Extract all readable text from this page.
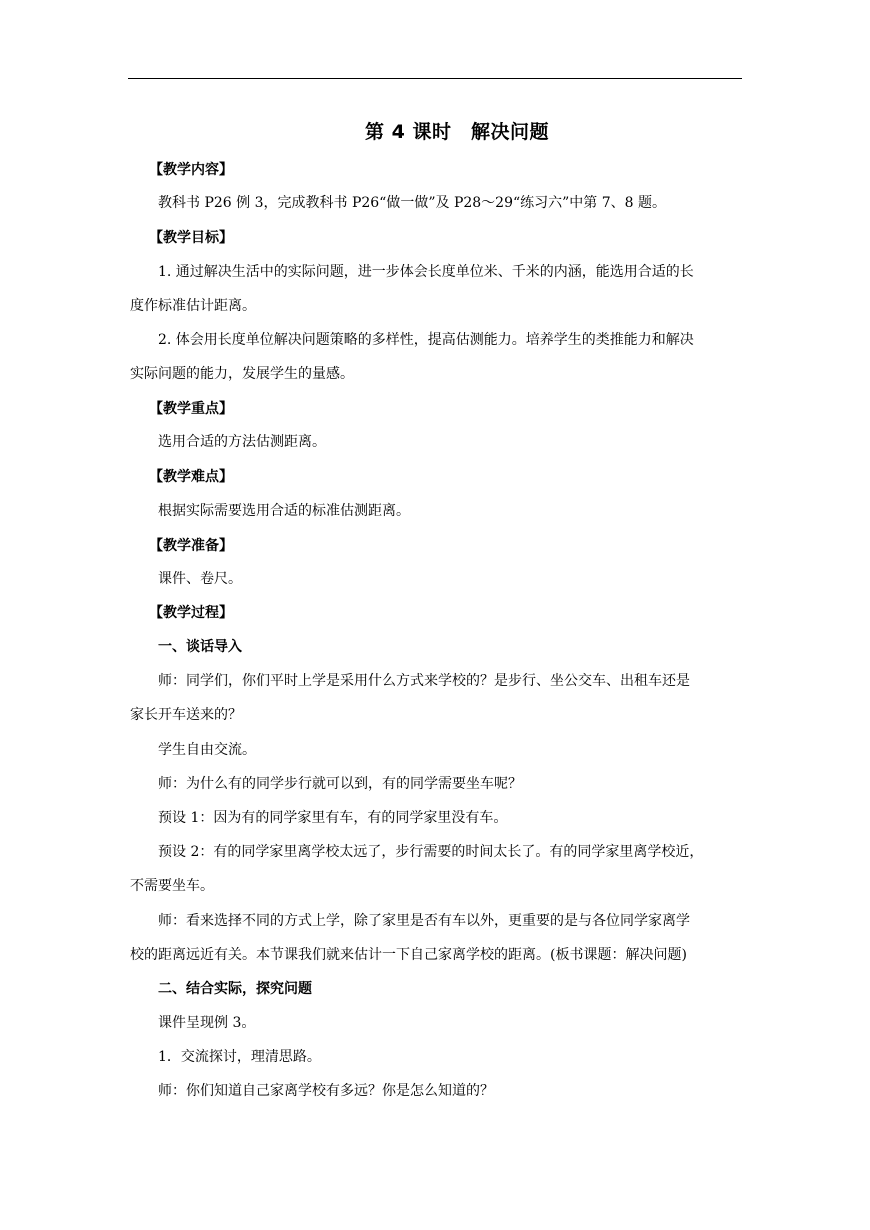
第 4 课时　解决问题
【教学内容】
教科书 P26 例 3，完成教科书 P26“做一做”及 P28～29“练习六”中第 7、8 题。
【教学目标】
1. 通过解决生活中的实际问题，进一步体会长度单位米、千米的内涵，能选用合适的长
度作标准估计距离。
2. 体会用长度单位解决问题策略的多样性，提高估测能力。培养学生的类推能力和解决
实际问题的能力，发展学生的量感。
【教学重点】
选用合适的方法估测距离。
【教学难点】
根据实际需要选用合适的标准估测距离。
【教学准备】
课件、卷尺。
【教学过程】
一、谈话导入
师：同学们，你们平时上学是采用什么方式来学校的？是步行、坐公交车、出租车还是
家长开车送来的？
学生自由交流。
师：为什么有的同学步行就可以到，有的同学需要坐车呢？
预设 1：因为有的同学家里有车，有的同学家里没有车。
预设 2：有的同学家里离学校太远了，步行需要的时间太长了。有的同学家里离学校近，
不需要坐车。
师：看来选择不同的方式上学，除了家里是否有车以外，更重要的是与各位同学家离学
校的距离远近有关。本节课我们就来估计一下自己家离学校的距离。(板书课题：解决问题)
二、结合实际，探究问题
课件呈现例 3。
1．交流探讨，理清思路。
师：你们知道自己家离学校有多远？你是怎么知道的？
